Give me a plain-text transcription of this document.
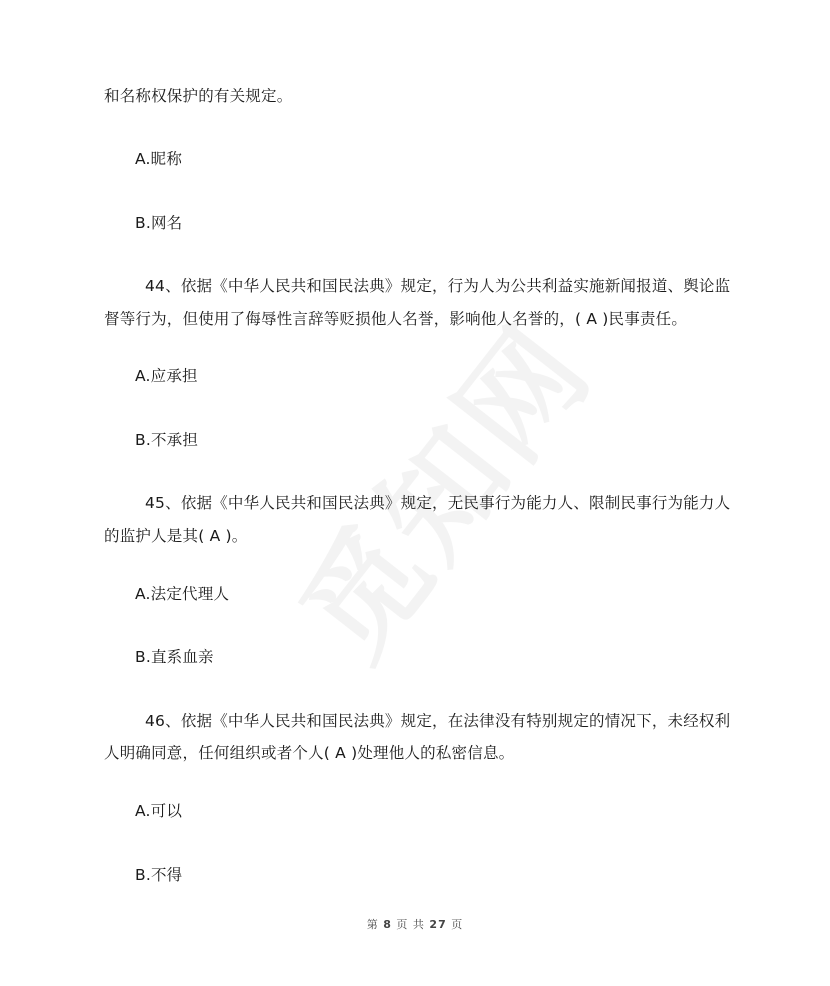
和名称权保护的有关规定。
A.昵称
B.网名
44、依据《中华人民共和国民法典》规定，行为人为公共利益实施新闻报道、舆论监
督等行为，但使用了侮辱性言辞等贬损他人名誉，影响他人名誉的，( A )民事责任。
A.应承担
B.不承担
45、依据《中华人民共和国民法典》规定，无民事行为能力人、限制民事行为能力人
的监护人是其( A )。
A.法定代理人
B.直系血亲
46、依据《中华人民共和国民法典》规定，在法律没有特别规定的情况下，未经权利
人明确同意，任何组织或者个人( A )处理他人的私密信息。
A.可以
B.不得
第 8 页 共 27 页
